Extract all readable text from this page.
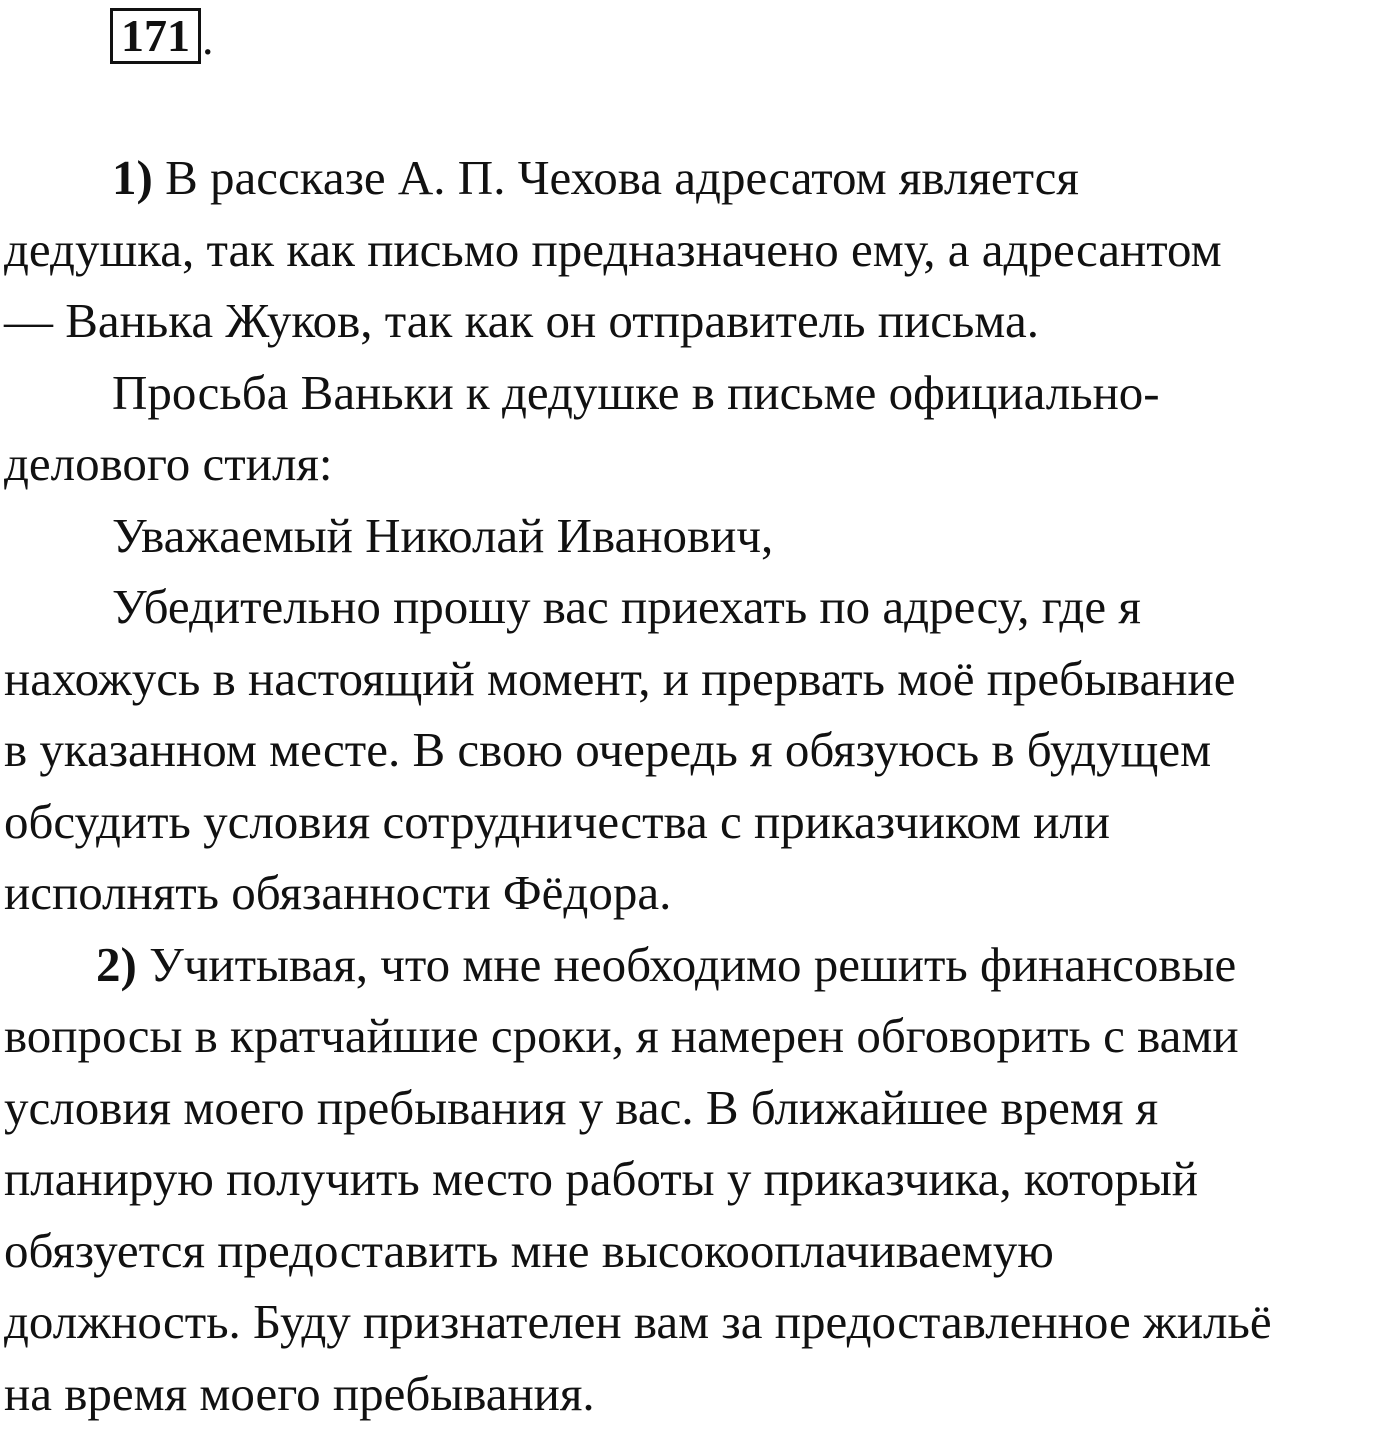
171 .
1) В рассказе А. П. Чехова адресатом является
дедушка, так как письмо предназначено ему, а адресантом
— Ванька Жуков, так как он отправитель письма.
Просьба Ваньки к дедушке в письме официально-
делового стиля:
Уважаемый Николай Иванович,
Убедительно прошу вас приехать по адресу, где я
нахожусь в настоящий момент, и прервать моё пребывание
в указанном месте. В свою очередь я обязуюсь в будущем
обсудить условия сотрудничества с приказчиком или
исполнять обязанности Фёдора.
2) Учитывая, что мне необходимо решить финансовые
вопросы в кратчайшие сроки, я намерен обговорить с вами
условия моего пребывания у вас. В ближайшее время я
планирую получить место работы у приказчика, который
обязуется предоставить мне высокооплачиваемую
должность. Буду признателен вам за предоставленное жильё
на время моего пребывания.
